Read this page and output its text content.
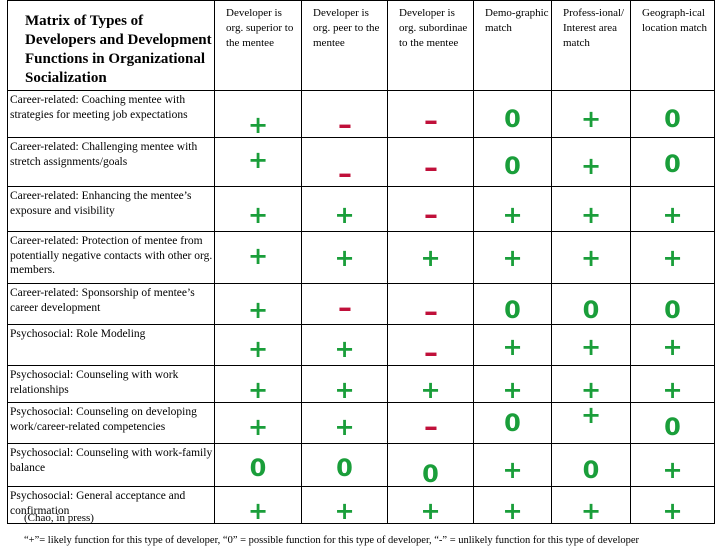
Matrix of Types of Developers and Development Functions in Organizational Socialization	Developer is org. superior to the mentee	Developer is org. peer to the mentee	Developer is org. subordinae to the mentee	Demo-graphic match	Profess-ional/ Interest area match	Geograph-ical location match
Career-related: Coaching mentee with strategies for meeting job expectations	+	-	-	0	+	0
Career-related: Challenging mentee with stretch assignments/goals	+	-	-	0	+	0
Career-related: Enhancing the mentee’s exposure and visibility	+	+	-	+	+	+
Career-related: Protection of mentee from potentially negative contacts with other org. members.	+	+	+	+	+	+
Career-related: Sponsorship of mentee’s career development	+	-	-	0	0	0
Psychosocial: Role Modeling	+	+	-	+	+	+
Psychosocial: Counseling with work relationships	+	+	+	+	+	+
Psychosocial: Counseling on developing work/career-related competencies	+	+	-	0	+	0
Psychosocial: Counseling with work-family balance	0	0	0	+	0	+
Psychosocial: General acceptance and confirmation	+	+	+	+	+	+
(Chao, in press)
“+”= likely function for this type of developer, “0” = possible function for this type of developer, “-” = unlikely function for this type of developer
